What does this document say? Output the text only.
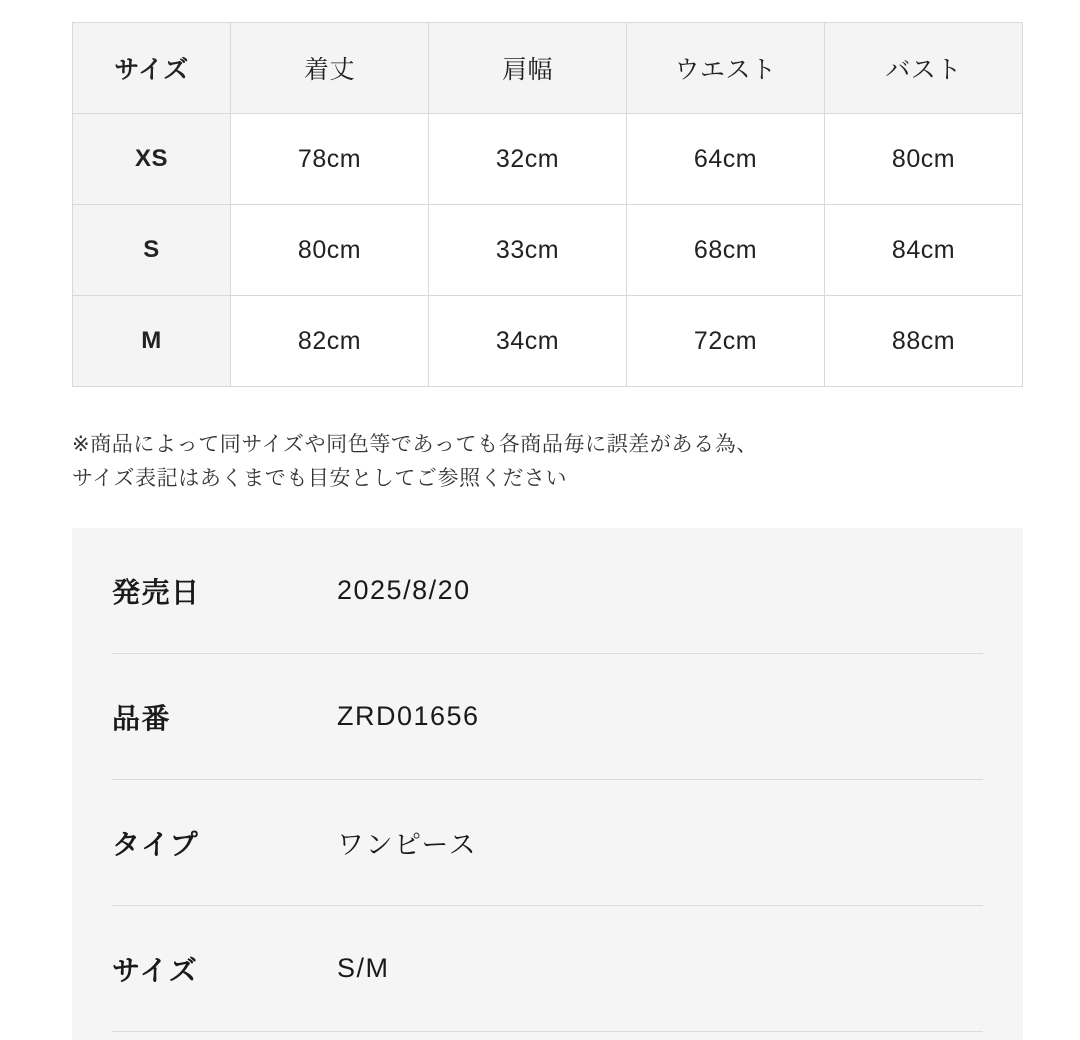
サイズ	着丈	肩幅	ウエスト	バスト
XS	78cm	32cm	64cm	80cm
S	80cm	33cm	68cm	84cm
M	82cm	34cm	72cm	88cm
※商品によって同サイズや同色等であっても各商品毎に誤差がある為、
サイズ表記はあくまでも目安としてご参照ください
発売日	2025/8/20
品番	ZRD01656
タイプ	ワンピース
サイズ	S/M
